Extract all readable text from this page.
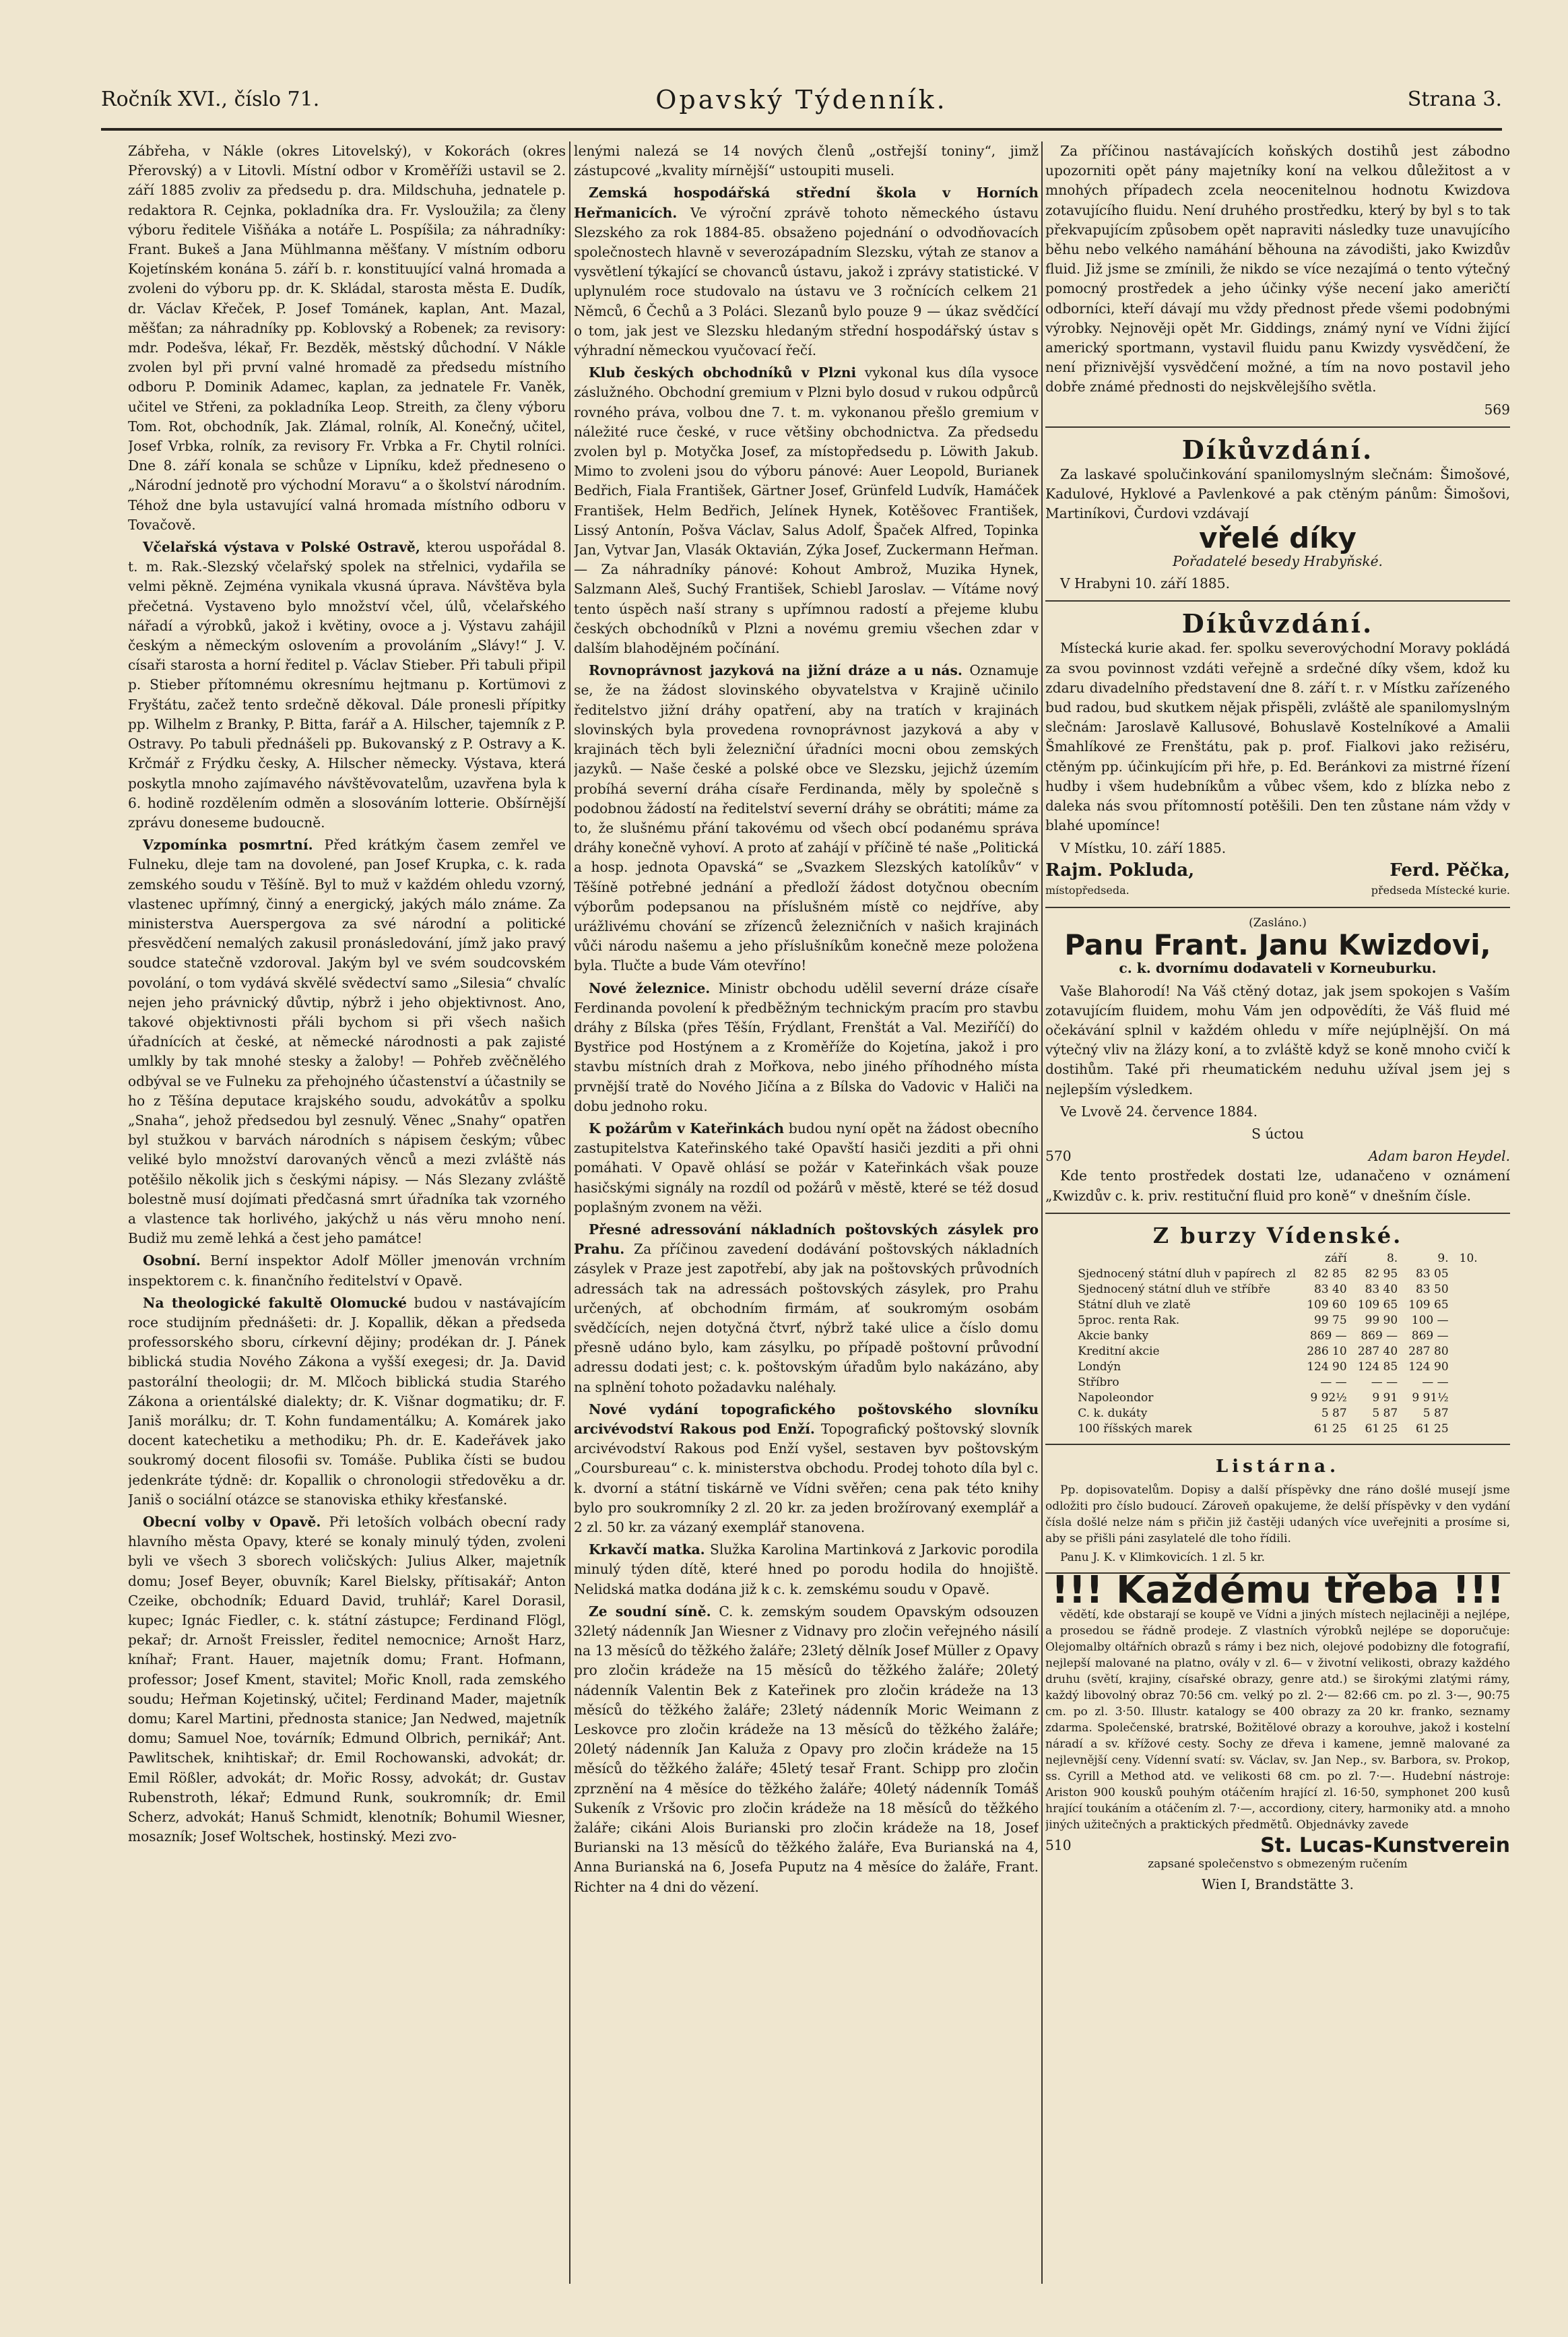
Ročník XVI., číslo 71.	Opavský Týdenník.	Strana 3.

Zábřeha, v Nákle (okres Litovelský), v Kokorách (okres Přerovský) a v Litovli. Místní odbor v Kroměříži ustavil se 2. září 1885 zvoliv za předsedu p. dra. Mildschuha, jednatele p. redaktora R. Cejnka, pokladníka dra. Fr. Vysloužila; za členy výboru ředitele Višňáka a notáře L. Pospíšila; za náhradníky: Frant. Bukeš a Jana Mühlmanna měšťany. V místním odboru Kojetínském konána 5. září b. r. konstituující valná hromada a zvoleni do výboru pp. dr. K. Skládal, starosta města E. Dudík, dr. Václav Křeček, P. Josef Tománek, kaplan, Ant. Mazal, měšťan; za náhradníky pp. Koblovský a Robenek; za revisory: mdr. Podešva, lékař, Fr. Bezděk, městský důchodní. V Nákle zvolen byl při první valné hromadě za předsedu místního odboru P. Dominik Adamec, kaplan, za jednatele Fr. Vaněk, učitel ve Střeni, za pokladníka Leop. Streith, za členy výboru Tom. Rot, obchodník, Jak. Zlámal, rolník, Al. Konečný, učitel, Josef Vrbka, rolník, za revisory Fr. Vrbka a Fr. Chytil rolníci. Dne 8. září konala se schůze v Lipníku, kdež předneseno o „Národní jednotě pro východní Moravu“ a o školství národním. Téhož dne byla ustavující valná hromada místního odboru v Tovačově.

Včelařská výstava v Polské Ostravě, kterou uspořádal 8. t. m. Rak.-Slezský včelařský spolek na střelnici, vydařila se velmi pěkně. Zejména vynikala vkusná úprava. Návštěva byla přečetná. Vystaveno bylo množství včel, úlů, včelařského nářadí a výrobků, jakož i květiny, ovoce a j. Výstavu zahájil českým a německým oslovením a provoláním „Slávy!“ J. V. císaři starosta a horní ředitel p. Václav Stieber. Při tabuli připil p. Stieber přítomnému okresnímu hejtmanu p. Kortümovi z Fryštátu, začež tento srdečně děkoval. Dále pronesli přípitky pp. Wilhelm z Branky, P. Bitta, farář a A. Hilscher, tajemník z P. Ostravy. Po tabuli přednášeli pp. Bukovanský z P. Ostravy a K. Krčmář z Frýdku česky, A. Hilscher německy. Výstava, která poskytla mnoho zajímavého návštěvovatelům, uzavřena byla k 6. hodině rozdělením odměn a slosováním lotterie. Obšírnější zprávu doneseme budoucně.

Vzpomínka posmrtní. Před krátkým časem zemřel ve Fulneku, dleje tam na dovolené, pan Josef Krupka, c. k. rada zemského soudu v Těšíně. Byl to muž v každém ohledu vzorný, vlastenec upřímný, činný a energický, jakých málo známe. Za ministerstva Auerspergova za své národní a politické přesvědčení nemalých zakusil pronásledování, jímž jako pravý soudce statečně vzdoroval. Jakým byl ve svém soudcovském povolání, o tom vydává skvělé svědectví samo „Silesia“ chvalíc nejen jeho právnický důvtip, nýbrž i jeho objektivnost. Ano, takové objektivnosti přáli bychom si při všech našich úřadnících at české, at německé národnosti a pak zajisté umlkly by tak mnohé stesky a žaloby! — Pohřeb zvěčnělého odbýval se ve Fulneku za přehojného účastenství a účastnily se ho z Těšína deputace krajského soudu, advokátův a spolku „Snaha“, jehož předsedou byl zesnulý. Věnec „Snahy“ opatřen byl stužkou v barvách národních s nápisem českým; vůbec veliké bylo množství darovaných věnců a mezi zvláště nás potěšilo několik jich s českými nápisy. — Nás Slezany zvláště bolestně musí dojímati předčasná smrt úřadníka tak vzorného a vlastence tak horlivého, jakýchž u nás věru mnoho není. Budiž mu země lehká a čest jeho památce!

Osobní. Berní inspektor Adolf Möller jmenován vrchním inspektorem c. k. finančního ředitelství v Opavě.

Na theologické fakultě Olomucké budou v nastávajícím roce studijním přednášeti: dr. J. Kopallik, děkan a předseda professorského sboru, církevní dějiny; prodékan dr. J. Pánek biblická studia Nového Zákona a vyšší exegesi; dr. Ja. David pastorální theologii; dr. M. Mlčoch biblická studia Starého Zákona a orientálské dialekty; dr. K. Višnar dogmatiku; dr. F. Janiš morálku; dr. T. Kohn fundamentálku; A. Komárek jako docent katechetiku a methodiku; Ph. dr. E. Kadeřávek jako soukromý docent filosofii sv. Tomáše. Publika čísti se budou jedenkráte týdně: dr. Kopallik o chronologii středověku a dr. Janiš o sociální otázce se stanoviska ethiky křesťanské.

Obecní volby v Opavě. Při letoších volbách obecní rady hlavního města Opavy, které se konaly minulý týden, zvoleni byli ve všech 3 sborech voličských: Julius Alker, majetník domu; Josef Beyer, obuvník; Karel Bielsky, přítisakář; Anton Czeike, obchodník; Eduard David, truhlář; Karel Dorasil, kupec; Ignác Fiedler, c. k. státní zástupce; Ferdinand Flögl, pekař; dr. Arnošt Freissler, ředitel nemocnice; Arnošt Harz, kníhař; Frant. Hauer, majetník domu; Frant. Hofmann, professor; Josef Kment, stavitel; Mořic Knoll, rada zemského soudu; Heřman Kojetinský, učitel; Ferdinand Mader, majetník domu; Karel Martini, přednosta stanice; Jan Nedwed, majetník domu; Samuel Noe, továrník; Edmund Olbrich, pernikář; Ant. Pawlitschek, knihtiskař; dr. Emil Rochowanski, advokát; dr. Emil Rößler, advokát; dr. Mořic Rossy, advokát; dr. Gustav Rubenstroth, lékař; Edmund Runk, soukromník; dr. Emil Scherz, advokát; Hanuš Schmidt, klenotník; Bohumil Wiesner, mosazník; Josef Woltschek, hostinský. Mezi zvo-

lenými nalezá se 14 nových členů „ostřejší toniny“, jimž zástupcové „kvality mírnější“ ustoupiti museli.

Zemská hospodářská střední škola v Horních Heřmanicích. Ve výroční zprávě tohoto německého ústavu Slezského za rok 1884-85. obsaženo pojednání o odvodňovacích společnostech hlavně v severozápadním Slezsku, výtah ze stanov a vysvětlení týkající se chovanců ústavu, jakož i zprávy statistické. V uplynulém roce studovalo na ústavu ve 3 ročnících celkem 21 Němců, 6 Čechů a 3 Poláci. Slezanů bylo pouze 9 — úkaz svědčící o tom, jak jest ve Slezsku hledaným střední hospodářský ústav s výhradní německou vyučovací řečí.

Klub českých obchodníků v Plzni vykonal kus díla vysoce záslužného. Obchodní gremium v Plzni bylo dosud v rukou odpůrců rovného práva, volbou dne 7. t. m. vykonanou přešlo gremium v náležité ruce české, v ruce většiny obchodnictva. Za předsedu zvolen byl p. Motyčka Josef, za místopředsedu p. Löwith Jakub. Mimo to zvoleni jsou do výboru pánové: Auer Leopold, Burianek Bedřich, Fiala František, Gärtner Josef, Grünfeld Ludvík, Hamáček František, Helm Bedřich, Jelínek Hynek, Kotěšovec František, Lissý Antonín, Pošva Václav, Salus Adolf, Špaček Alfred, Topinka Jan, Vytvar Jan, Vlasák Oktavián, Zýka Josef, Zuckermann Heřman. — Za náhradníky pánové: Kohout Ambrož, Muzika Hynek, Salzmann Aleš, Suchý František, Schiebl Jaroslav. — Vítáme nový tento úspěch naší strany s upřímnou radostí a přejeme klubu českých obchodníků v Plzni a novému gremiu všechen zdar v dalším blahodějném počínání.

Rovnoprávnost jazyková na jižní dráze a u nás. Oznamuje se, že na žádost slovinského obyvatelstva v Krajině učinilo ředitelstvo jižní dráhy opatření, aby na tratích v krajinách slovinských byla provedena rovnoprávnost jazyková a aby v krajinách těch byli železniční úřadníci mocni obou zemských jazyků. — Naše české a polské obce ve Slezsku, jejichž územím probíhá severní dráha císaře Ferdinanda, měly by společně s podobnou žádostí na ředitelství severní dráhy se obrátiti; máme za to, že slušnému přání takovému od všech obcí podanému správa dráhy konečně vyhoví. A proto ať zahájí v příčině té naše „Politická a hosp. jednota Opavská“ se „Svazkem Slezských katolíkův“ v Těšíně potřebné jednání a předloží žádost dotyčnou obecním výborům podepsanou na příslušném místě co nejdříve, aby urážlivému chování se zřízenců železničních v našich krajinách vůči národu našemu a jeho příslušníkům konečně meze položena byla. Tlučte a bude Vám otevříno!

Nové železnice. Ministr obchodu udělil severní dráze císaře Ferdinanda povolení k předběžným technickým pracím pro stavbu dráhy z Bílska (přes Těšín, Frýdlant, Frenštát a Val. Meziříčí) do Bystřice pod Hostýnem a z Kroměříže do Kojetína, jakož i pro stavbu místních drah z Mořkova, nebo jiného příhodného místa prvnější tratě do Nového Jičína a z Bílska do Vadovic v Haliči na dobu jednoho roku.

K požárům v Kateřinkách budou nyní opět na žádost obecního zastupitelstva Kateřinského také Opavští hasiči jezditi a při ohni pomáhati. V Opavě ohlásí se požár v Kateřinkách však pouze hasičskými signály na rozdíl od požárů v městě, které se též dosud poplašným zvonem na věži.

Přesné adressování nákladních poštovských zásylek pro Prahu. Za příčinou zavedení dodávání poštovských nákladních zásylek v Praze jest zapotřebí, aby jak na poštovských průvodních adressách tak na adressách poštovských zásylek, pro Prahu určených, ať obchodním firmám, ať soukromým osobám svědčících, nejen dotyčná čtvrť, nýbrž také ulice a číslo domu přesně udáno bylo, kam zásylku, po případě poštovní průvodní adressu dodati jest; c. k. poštovským úřadům bylo nakázáno, aby na splnění tohoto požadavku naléhaly.

Nové vydání topografického poštovského slovníku arcivévodství Rakous pod Enží. Topografický poštovský slovník arcivévodství Rakous pod Enží vyšel, sestaven byv poštovským „Coursbureau“ c. k. ministerstva obchodu. Prodej tohoto díla byl c. k. dvorní a státní tiskárně ve Vídni svěřen; cena pak této knihy bylo pro soukromníky 2 zl. 20 kr. za jeden brožírovaný exemplář a 2 zl. 50 kr. za vázaný exemplář stanovena.

Krkavčí matka. Služka Karolina Martinková z Jarkovic porodila minulý týden dítě, které hned po porodu hodila do hnojiště. Nelidská matka dodána již k c. k. zemskému soudu v Opavě.

Ze soudní síně. C. k. zemským soudem Opavským odsouzen 32letý nádenník Jan Wiesner z Vidnavy pro zločin veřejného násilí na 13 měsíců do těžkého žaláře; 23letý dělník Josef Müller z Opavy pro zločin krádeže na 15 měsíců do těžkého žaláře; 20letý nádenník Valentin Bek z Kateřinek pro zločin krádeže na 13 měsíců do těžkého žaláře; 23letý nádenník Moric Weimann z Leskovce pro zločin krádeže na 13 měsíců do těžkého žaláře; 20letý nádenník Jan Kaluža z Opavy pro zločin krádeže na 15 měsíců do těžkého žaláře; 45letý tesař Frant. Schipp pro zločin zprznění na 4 měsíce do těžkého žaláře; 40letý nádenník Tomáš Sukeník z Vršovic pro zločin krádeže na 18 měsíců do těžkého žaláře; cikáni Alois Burianski pro zločin krádeže na 18, Josef Burianski na 13 měsíců do těžkého žaláře, Eva Burianská na 4, Anna Burianská na 6, Josefa Puputz na 4 měsíce do žaláře, Frant. Richter na 4 dni do vězení.

Za příčinou nastávajících koňských dostihů jest zábodno upozorniti opět pány majetníky koní na velkou důležitost a v mnohých případech zcela neocenitelnou hodnotu Kwizdova zotavujícího fluidu. Není druhého prostředku, který by byl s to tak překvapujícím způsobem opět napraviti následky tuze unavujícího běhu nebo velkého namáhání běhouna na závodišti, jako Kwizdův fluid. Již jsme se zmínili, že nikdo se více nezajímá o tento výtečný pomocný prostředek a jeho účinky výše necení jako američtí odborníci, kteří dávají mu vždy přednost přede všemi podobnými výrobky. Nejnověji opět Mr. Giddings, známý nyní ve Vídni žijící americký sportmann, vystavil fluidu panu Kwizdy vysvědčení, že není přiznivější vysvědčení možné, a tím na novo postavil jeho dobře známé přednosti do nejskvělejšího světla.

569

Díkůvzdání.

Za laskavé spolučinkování spanilomyslným slečnám: Šimošové, Kadulové, Hyklové a Pavlenkové a pak ctěným pánům: Šimošovi, Martiníkovi, Čurdovi vzdávají

vřelé díky

Pořadatelé besedy Hrabyňské.

V Hrabyni 10. září 1885.

Díkůvzdání.

Místecká kurie akad. fer. spolku severovýchodní Moravy pokládá za svou povinnost vzdáti veřejně a srdečné díky všem, kdož ku zdaru divadelního představení dne 8. září t. r. v Místku zařízeného bud radou, bud skutkem nějak přispěli, zvláště ale spanilomyslným slečnám: Jaroslavě Kallusové, Bohuslavě Kostelníkové a Amalii Šmahlíkové ze Frenštátu, pak p. prof. Fialkovi jako režiséru, ctěným pp. účinkujícím při hře, p. Ed. Beránkovi za mistrné řízení hudby i všem hudebníkům a vůbec všem, kdo z blízka nebo z daleka nás svou přítomností potěšili. Den ten zůstane nám vždy v blahé upomínce!

V Místku, 10. září 1885.

Rajm. Pokluda,	Ferd. Pěčka,
místopředseda.	předseda Místecké kurie.

(Zasláno.)

Panu Frant. Janu Kwizdovi,

c. k. dvornímu dodavateli v Korneuburku.

Vaše Blahorodí! Na Váš ctěný dotaz, jak jsem spokojen s Vaším zotavujícím fluidem, mohu Vám jen odpovědíti, že Váš fluid mé očekávání splnil v každém ohledu v míře nejúplnější. On má výtečný vliv na žlázy koní, a to zvláště když se koně mnoho cvičí k dostihům. Také při rheumatickém neduhu užíval jsem jej s nejlepším výsledkem.

Ve Lvově 24. července 1884.

S úctou

570	Adam baron Heydel.

Kde tento prostředek dostati lze, udanačeno v oznámení „Kwizdův c. k. priv. restituční fluid pro koně“ v dnešním čísle.

Z burzy Vídenské.

		září	8.	9.	10.
Sjednocený státní dluh v papírech	zl	82 85	82 95	83 05	
Sjednocený státní dluh ve stříbře		83 40	83 40	83 50	
Státní dluh ve zlatě		109 60	109 65	109 65	
5proc. renta Rak.		99 75	99 90	100 —	
Akcie banky		869 —	869 —	869 —	
Kreditní akcie		286 10	287 40	287 80	
Londýn		124 90	124 85	124 90	
Stříbro		— —	— —	— —	
Napoleondor		9 92½	9 91	9 91½	
C. k. dukáty		5 87	5 87	5 87	
100 říšských marek		61 25	61 25	61 25	

Listárna.

Pp. dopisovatelům. Dopisy a další příspěvky dne ráno došlé musejí jsme odložiti pro číslo budoucí. Zároveň opakujeme, že delší příspěvky v den vydání čísla došlé nelze nám s přičin již častěji udaných více uveřejniti a prosíme si, aby se přišli páni zasylatelé dle toho řídili.

Panu J. K. v Klimkovicích. 1 zl. 5 kr.

!!! Každému třeba !!!

vědětí, kde obstarají se koupě ve Vídni a jiných místech nejlaciněji a nejlépe, a prosedou se řádně prodeje. Z vlastních výrobků nejlépe se doporučuje: Olejomalby oltářních obrazů s rámy i bez nich, olejové podobizny dle fotografií, nejlepší malované na platno, ovály v zl. 6— v životní velikosti, obrazy každého druhu (světí, krajiny, císařské obrazy, genre atd.) se širokými zlatými rámy, každý libovolný obraz 70:56 cm. velký po zl. 2·— 82:66 cm. po zl. 3·—, 90:75 cm. po zl. 3·50. Illustr. katalogy se 400 obrazy za 20 kr. franko, seznamy zdarma. Společenské, bratrské, Božitělové obrazy a korouhve, jakož i kostelní náradí a sv. křížové cesty. Sochy ze dřeva i kamene, jemně malované za nejlevnější ceny. Vídenní svatí: sv. Václav, sv. Jan Nep., sv. Barbora, sv. Prokop, ss. Cyrill a Method atd. ve velikosti 68 cm. po zl. 7·—. Hudební nástroje: Ariston 900 kousků pouhým otáčením hrající zl. 16·50, symphonet 200 kusů hrající toukáním a otáčením zl. 7·—, accordiony, citery, harmoniky atd. a mnoho jiných užitečných a praktických předmětů. Objednávky zavede

510	St. Lucas-Kunstverein

zapsané společenstvo s obmezeným ručením

Wien I, Brandstätte 3.
